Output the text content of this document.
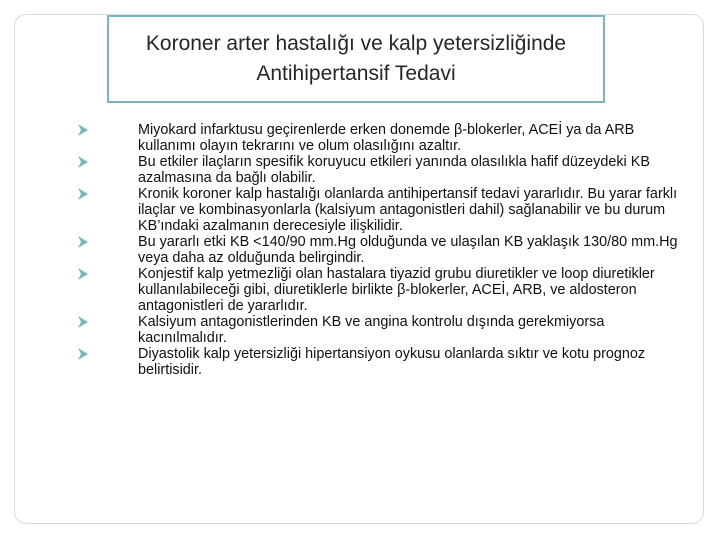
Koroner arter hastalığı ve kalp yetersizliğinde
Antihipertansif Tedavi
Miyokard infarktusu geçirenlerde erken donemde β-blokerler, ACEİ ya da ARB kullanımı olayın tekrarını ve olum olasılığını azaltır.
Bu etkiler ilaçların spesifik koruyucu etkileri yanında olasılıkla hafif düzeydeki KB azalmasına da bağlı olabilir.
Kronik koroner kalp hastalığı olanlarda antihipertansif tedavi yararlıdır. Bu yarar farklı ilaçlar ve kombinasyonlarla (kalsiyum antagonistleri dahil) sağlanabilir ve bu durum KB’ındaki azalmanın derecesiyle ilişkilidir.
Bu yararlı etki KB <140/90 mm.Hg olduğunda ve ulaşılan KB yaklaşık 130/80 mm.Hg veya daha az olduğunda belirgindir.
Konjestif kalp yetmezliği olan hastalara tiyazid grubu diuretikler ve loop diuretikler kullanılabileceği gibi, diuretiklerle birlikte β-blokerler, ACEİ, ARB, ve aldosteron antagonistleri de yararlıdır.
Kalsiyum antagonistlerinden KB ve angina kontrolu dışında gerekmiyorsa kacınılmalıdır.
Diyastolik kalp yetersizliği hipertansiyon oykusu olanlarda sıktır ve kotu prognoz belirtisidir.
